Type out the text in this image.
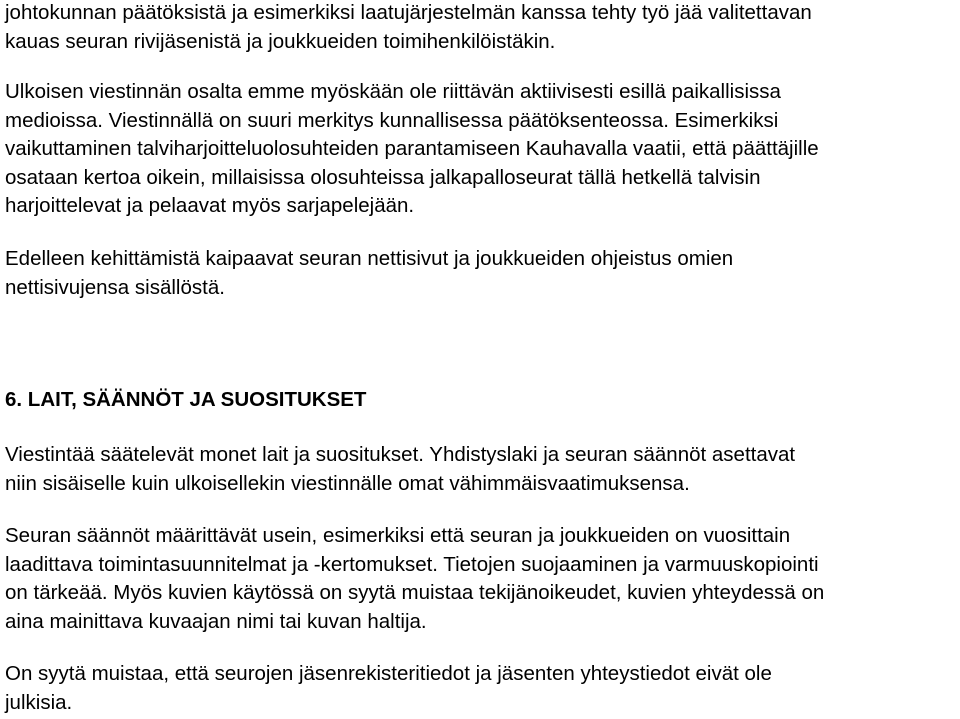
johtokunnan päätöksistä ja esimerkiksi laatujärjestelmän kanssa tehty työ jää valitettavan
kauas seuran rivijäsenistä ja joukkueiden toimihenkilöistäkin.

Ulkoisen viestinnän osalta emme myöskään ole riittävän aktiivisesti esillä paikallisissa
medioissa. Viestinnällä on suuri merkitys kunnallisessa päätöksenteossa. Esimerkiksi
vaikuttaminen talviharjoitteluolosuhteiden parantamiseen Kauhavalla vaatii, että päättäjille
osataan kertoa oikein, millaisissa olosuhteissa jalkapalloseurat tällä hetkellä talvisin
harjoittelevat ja pelaavat myös sarjapelejään.

Edelleen kehittämistä kaipaavat seuran nettisivut ja joukkueiden ohjeistus omien
nettisivujensa sisällöstä.

6. LAIT, SÄÄNNÖT JA SUOSITUKSET

Viestintää säätelevät monet lait ja suositukset. Yhdistyslaki ja seuran säännöt asettavat
niin sisäiselle kuin ulkoisellekin viestinnälle omat vähimmäisvaatimuksensa.

Seuran säännöt määrittävät usein, esimerkiksi että seuran ja joukkueiden on vuosittain
laadittava toimintasuunnitelmat ja -kertomukset. Tietojen suojaaminen ja varmuuskopiointi
on tärkeää. Myös kuvien käytössä on syytä muistaa tekijänoikeudet, kuvien yhteydessä on
aina mainittava kuvaajan nimi tai kuvan haltija.

On syytä muistaa, että seurojen jäsenrekisteritiedot ja jäsenten yhteystiedot eivät ole
julkisia.
